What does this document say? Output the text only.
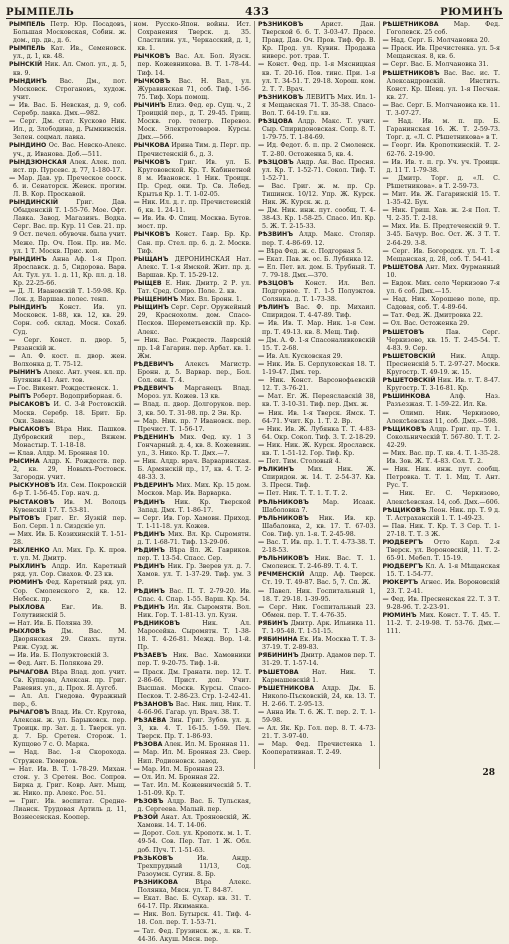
РЫМПЕЛЬ	433	РЮМИНЪ

РЫМПЕЛЬ Петр. Юр. Посадовъ, Большая Московская, Собин. ж. дом., пр. дв., д. 6.

РЫМПЕЛЬ Кат. Ив., Семеновск. ул., д. 1, кв. 48.

РЫНСКІЙ Ник. Ал. Смол. ул., д. 5, кв. 9.

РЫНДИНЪ Вас. Дм., пот. Московск. Строгановъ, худож. учит.

— Ив. Вас. Б. Невская, д. 9, соб. Серебр. лавка. Дмх.—982.

— Серг. Дм. стат. Кусково Ник. Ил., д. Злободина, д. Рымкинскія. Зелен. соцмал. лавка.

РЫНДИНО Ос. Вас. Невско-Алекс. уч., д. Иванова. Доб.—511.

РЫНДЗЮНСКАЯ Алек. Алек. пол. ист. пр. Пурсевс. д. 77, 1-180-17.

— Мар. Дав. ур. Преческое сооск. б. и. Сенаторск. Женск. прогим. Л. В. Кор. Проскавой.

РЫНДИНСКІЙ	Григ. Дав. Обыденскій Т. 1-55-76. Мое. Офт. Лавка. Завод. Магазинъ. Водка. Серг. Вас. пр. Кур. 11 Сев. 21. пр. 9 Ост. печел. обувочн. была учит. Меже. Пр. Оч. Пон. Пр. ив. Мс. ул. 1 Т. Москв. Прис. коп.

РЫНДИНЪ Анна Аф. 1-я Прол. Ярославск. д. 5, Сидорова. Варв. Ал. Тул. ул. 1. д. 11, Кр. пл. д. 18. Кр. 22-25-66.

— Д. Л. Ивановскій Т. 1-59-98. Кр. Лок. д. Варшав. полес. тенп.

РЫНДИНЪ Конст. Ив. ул. Московск. 1-88, кв. 12, кв. 29. Сорн. соб. склад. Мосн. Сохаб. Суд.

— Серг. Конст. п. двор. 5, Рязанскій ж.

— Ал. Ф. кост. п. двор. жен. Волхонка д. Т. 75-12.

РЫНИНЪ Алекс. Ант. учен. кл. пр. Бутякин 41. Ант. тов.

— Гос. Викент. Рождественск. 1.

РЫПЪ Роберт. Водоприборная. 6.

РЫСАКОВЪ И. С. 3-й Ростовскій. Москв. Серебр. 18. Брит. Бр. Оки. Завеан.

РЫСАКОВЪ Вѣра Ник. Пашков. Дубровский пер., Вяжем. Монастыр. Т. 1-18-18.

— Клав. Алдр. М. Бронная 10.

РЫСИНА Алдр. К. Рождеств. пер. 2, кв. 29, Новыхъ-Ростовск. Загородн. учит.

РЫСКУНОВЪ Ил. Сем. Покровскій б-р Т. 1-56-45. Гор. нач. д.

РЫСТАКОВЪ Ив. М. Волоцъ Кувенскій 17. Т. 53-81.

РЫТОВЪ Григ. Ег. Яузкій пер. Бол. Серп. 1 л. Сиздскіе ул.

— Мих. Ив. Б. Козихинскій Т. 1-51-28.

РЫХЛЕНКО Ал. Мих. Гр. К. пров. т. ул. М. Дмитр.

РЫХЛИНЪ Алдр. Ил. Каретный ряд. ул. Сор. Сиахов. Ф. 23 кв.

РЮМИНЪ Фед. Каретный ряд. ул. Сор. Смоленского 2, кв. 12. Небеск. пр.

РЫХЛОВА	Евг. Ив. В. Голутвинскій 5.

— Нат. Ив. Б. Поляна 39.

РЫХЛОВЪ Дм. Вас. М. Дворянская 29. Сиахъ. путн. Ряж. Сузд. ж.

— Ив. Ив. Б. Полуэктовскій 3.

— Фед. Ант. Б. Полякова 29.

РЫЧАГОВА Вѣра Влад. доп. учит. Св. Купцова, Алексан. пр. Григ. Раневия. ул., д. Прох. Я. Аугсб.

— Ал. Ал. Гнедова. Фуражный пер., 6.

РЫЧАГОВЪ Влад. Ив. Ст. Кругова, Алексан. ж. ул. Барыковск. пер. Троицк. пр. Зат. д. 1. Тверск. ул. д. 7. Бр. Сретен. Сторож. 1. Купцово 7 с. О. Марка.

— Над. Вас. 1-я Скорохода. Стружев. Тюмеров.

— Нат. Ив. В. Т. 1-78-29. Михан. стон. у. 3 Сретен. Вос. Сопров. Бирка д. Григ. Ковр. Ант. Мыщ. ж. Нико. пр. Алекс. Рос. 51.

— Григ. Ив. воспитат. Средне-Лианск. Трудовая Артиль д. 11, Вознесенская. Коопер.

ном. Русско-Япон. войны. Ист. Сохранения Тверск. д. 35. Сластилин. ул., Черкасский, д. 1, кв. 1.

РЫЧКОВЪ Вас. Ал. Бол. Яузск. пер. Кожевникова. В. Т. 1-78-44. Тиф. 14.

РЫЧКОВЪ Вас. Н. Вал., ул. Журавинская 71, соб. Тиф. 1-56-75. Тиф. Хорь помощ.

РЫЧИНЪ Елиз. Фед. ер. Сущ. ч., 2 Троицкій пер., д. Т. 29-45. Грищ. Москв. гор. телегр. Перевоз. Моск. Электротоваров. Курсы. Дмх.—566.

РЫЧКОВА Ирина Тим. д. Перг. пр. Пречистенскій б., д. 3.

РЫЧКОВЪ Григ. Ив. ул. Б. Кругововской. Кр. Т. Кабинетной 8 м. Ивановск. 1 Ник. Троицк. Пр. Сред. оки. Тр. Св. Лебед. Крытья Кр. 1. Т. 1-02-05.

— Ник. Ил. д. г. пр. Пречистенскій 6, кв. 1. 24-11.

— Ив. Ив. Ф. Спиц. Москва. Бутов. мост. пр.

РЫЧКОВЪ Конст. Гавр. Бр. Кр. Сан. пр. Стел. пр. 6. д. 2. Москв. Тиф.

РЫЩАНЪ ДЕРОНИНСКАЯ Нат. Алекс. Т. 1-я Ямской. Жит. пр. д. Варшав. Кр. Т. 15-29-12.

РЫЩЕВ Е. Ник. Дмитр. 2 Р. ул. Тат. Сред. Сопро. Поле. 2. кв.

РЫЩЕНИНЪ Мих. Вл. Бронн. 1.

РЫЩИНЪ Серг. Серг. Оружейный 29, Краснохолм. дом. Спасо-Песков. Шереметьевскій пр. Кр. Алекс.

— Ник. Вас. Рождеств. Лаврскій пр. 1-й Гагарин. пер. Арбат. кв. 1. Жм.

РѢДЕВИЧЪ Алексъ Магистр. Бронн. д. 5. Варвар. пер., Бол. Сол. оки. Т. 4.

РѢДЕВИЧЪ Марганецъ Влад. Мороз. ул. Кожев. 13 кв.

— Влад. п. двор. Долгоруков. пер. 3, кв. 50. Т. 31-98. пр. 2 Эн. Кр.

— Мар. Ник. пр. 7 Ивановск. пер. Пречист. Т. 1-56-17.

РѢДЕНИНЪ Мих. Фед. ку. 1 3 Гончарный. д. 4, кв. 8. Кожевник. ул., 3. Нико. Кр. Т. Дмх.—7.

— Ник. Алдр. врач. Варваринская. Б. Армянскій пр., 17, кв. 4. Т. 2-48-33. 3.

РѢДЕРИНЪ Мих. Мих. Кр. 15 дом. Москов. Мар. Ив. Варварка.

РѢДИНЪ Ник. Кр. Тверской Запад. Дмх. Т. 1-86-17.

— Серг. Ив. Гор. Хамовн. Приход. Т. 1-11-18. ул. Кожев.

РѢДИНЪ Мих. Вл. Кр. Сыромятн. д. Т. 1-68-71. Тиф. 13-29-06.

РѢДИНЪ Вѣра Вл. Ж. Гавриков. пер. Т. 13-54. Спасс. Сер.

РѢДИНЪ Ник. Гр. Зверев ул. д. 7. Хамов. ул. Т. 1-37-29. Тиф. ум. 3 Р.

РѢДИНЪ Вас. П. Т. 2-79-20. Ив. Спас. 4. Спар. 1-55. Варш. Кр. 54.

РѢДИНЪ Ил. Як. Сыромятн. Вол. Ник. Гор. Т. 1-81-13. ул. Кузн.

РѢДНИКОВЪ	Ник. Ал. Маросейка. Сыромятн. Т. 1-38-18. Т. 4-26-81. Межд. Вор. 1-й. Пр.

РѢЗАЕВЪ Ник. Вас. Хамовники пер. Т. 9-20-75. Тиф. 1-й.

— Праск. Дм. Гранатн. пер. 12. Т. 2-86-66. Прист. доп. Учит. Высшая. Москв. Курсы. Спасо-Песков. Т. 2-86-23. Стр. 1-2-42-41.

РѢЗАНОВЪ Вас. Ник. лиц. Ник. Т. 4-66-96. Гагар. ул. Врач. 38. Т.

РѢЗАЕВА Зин. Григ. Зубов. ул. д. 3, кв. 4. Т. 16-15. 1-59. Печ. Тверск. Пр. Т. 1-86-93.

РѢЗОВА Алек. Ил. М. Бронная 11.

— Мар. Ил. М. Бронная 23. Свер. Нип. Родионовск. завод.

— Мар. Ил. М. Бронная 23.

— Ол. Ил. М. Бронная 22.

— Тат. Ил. М. Кожевническій 5. Т. 1-51-09. Кр. Т.

РѢЗОВЪ Алдр. Вас. Б. Тульская, д. Сергеева. Малый. пер.

РѢЗОЙ Анат. Ал. Трояновскій, Ж. Хамовн. 14. Т. 14-06.

— Дорот. Сол. ул. Кропотк. м. 1. Т. 49-54. Сов. Пер. Тат. 1 Ж. Обл. доб. Пуч. Т. 1-51-63.

РѢЗЬКОВЪ	Ив. Андр. Трехпрудный 11/13, Сод. Разоумск. Сугин. 8. Бр.

РѢЗНИКОВА	Вѣра Алекс. Полянка, Мясн. ул. Т. 84-87.

— Екат. Вас. Б. Сухар. кв. 31. Т. 64-17. Пр. Якиманка.

— Ник. Вол. Бутырск. 41. Тиф. 4-18. Сол. пер. Т. 1-53-71.

— Тат. Фед. Грузинск. ж., л. кв. Т. 44-36. Акуш. Мясн. пер.

РѢЗНИКОВЪ	Арист. Дан. Тверской 6. 6. Т. 3-03-47. Прасе. Правд. Дав. Оч. Пров. Тиф. Фр. В. Кр. Прод. ул. Кувин. Продажа ниверс. рот. трав. Т.

— Конст. Фед. пр. 1-я Мясницкая кв. Т. 20-16. Пов. тинс. При. 1-я ул. Т. 34-51. Т. 29-18. Хорош. ком. 2. Т. 7. Врач.

РѢЗНИКОВЪ ЛЕВИТЪ Мих. Ил. 1-я Мещанская 71. Т. 35-38. Спасо-Вол. Т. 64-19. Гл. кв.

РѢЗЦОВА Алдр. Макс. Т. учит. Сыр. Спиридоновская. Сопр. 8. Т. 1-79-75. Т. 1-84-69.

— Ид. Федот. б. п. пр. 2 Смоленск. Т. 2-80. Остоженка 5, кв. 4.

РѢЗЦОВЪ Андр. Ан. Вас. Пресня. ул. Кр. Т. 1-52-71. Сокол. Тиф. Т. 1-52-71.

— Вас. Григ. ж. м. пр. Ср. Тишинск. 10/12. Упр. Ж. Курск. Ник. Ж. Курск. ж. д.

— Дм. Ник. инж. пут. сообщ. Т. 4-38-43. Кр. 1-58-25. Спасо. Ил. Кр. 5. Ж. Т. 2-15-33.

РѢЗВИНЪ Алдр. Макс. Столяр. пер. Т. 4-86-69. 12.

— Вѣра Фед. ж. с. Подгорная 5.

— Екат. Пав. ж. ос. Б. Лубянка 12.

— Ел. Пет. вл. дом. Б. Трубный. Т. 7. 79-18. Дмх.—370.

РѢЗЦОВЪ Конст. Ил. Вел. Подгорное. Т. Г. 1-5 Полуэктов. Солянка. д. Т. 1-73-38.

РѢЛИНЪ Вас. Ф. пр. Михаил. Спиридон. Т. 4-47-89. Тиф.

— Ив. Ив. Т. Мар. Ник. 1-я Сем. пр. Т. 49-13. кв. 8. Мещ. Тиф.

— Дм. А. Ф. 1-я Спасоналивковскій 15. Т. 2-68.

— Ив. Ал. Кусковская 29.

— Ник. Ив. Б. Серпуховская 18. Т. 1-19-47. Дмх. тер.

— Ник. Конст. Варсонофьевскій 12. Т. 3-76-21.

— Мат. Ег. Ж. Переяславскій 38, кв. Т. 3-10-31. Тиф. пер. Дмх. ж.

— Ник. Ив. 1-я Тверск. Ямск. Т. 64-71. Учит. Кр. 1. Т. 2. Вр.

— Ник. Ив. Ж. Лубянка Т. Т. 4-83-64. Окр. Сокол. Тиф. 3. Т. 2-18-29.

— Ник. Ник. Ж. Курск. Ярославск. кв. Т. 1-51-12. Гор. Тиф. Кр.

— Пет. Тим. Столовый 4.

РѢЛКИНЪ Мих. Ник. Ж. Спиридон. ж. 14. Т. 2-54-37. Кв. 3. Пресн. Тиф.

— Пет. Ник. Т. Т. 1. Т. Т. 2.

РѢЛЬНИКОВЪ Мар. Исаак. Шаболовка 7.

РѢЛЬНИКОВЪ Ник. Ив. кр. Шабаловка, 2, кв. 17. Т. 67-03. Сов. Тиф. ул. 1-я. Т. 2-45-98.

— Вас. Т. Ив. пр. 1. Т. Т. 4-73-38. Т. 2-18-53.

РѢЛЬНИКОВЪ Ник. Вас. Т. 1. Смоленск. Т. 2-46-89. Т. 4. Т.

РЕЧМЕНСКІЙ Алдр. Аф. Тверск. Ст. 19. Т. 49-87. Вас. 5, 7. Сп. Ж.

— Павел. Ник. Госпитальный 1, 18. Т. 29-18. 1-39-95.

— Серг. Ник. Госпитальный 23. Обмен. пер. Т. Т. 4-76-35.

РЯБИНЪ Дмитр. Арк. Ильинка 11. Т. 1-95-48. Т. 1-51-15.

РЯБИНИНА Ек. Ив. Москва Т. Т. 3-37-19. Т. 2-89-83.

РЯБИНИНЪ Дмитр. Адамов пер. Т. 31-29. Т. 1-57-14.

РѢШЕТОВА Нат. Ник. Т. Кармашевскій 1.

РѢШЕТНИКОВА Алдр. Дм. Б. Николо-Пъсковскій, 24, кв. 13. Т. Н. 2-66. Т. 2-95-13.

— Анна Ив. Т. 6. Ж. Т. пер. 2. Т. 1-59-98.

— Ал. Як. Кр. Гол. пер. 8. Т. 4-73-21. Т. 3-97-40.

— Мар. Фед. Пречистенка 1. Кооперативная. Т. 2-49.

РѢШЕТНИКОВА Мар. Фед. Гоголевск. 25 соб.

— Над. Серг. Б. Молчановка 20.

— Праск. Ив. Пречистенка. ул. 5-я Мещанская. 8, кв. 6.

— Серг. Вас. Б. Молчановка 31.

РѢШЕТНИКОВЪ Вас. Вас. ис. Т. Александровскій. Инститъ. Конст. Кр. Шевц. ул. 1-я Песчан. кв. 27.

— Вас. Серг. Б. Молчановка кв. 11. Т. 3-07-27.

— Над. Ив. м. п. пр. Б. Гаранинская 16. Ж. Т. 2-59-73. Торг. д. «Л. С. Рѣшетникова» в Т.

— Георг. Ив. Кропоткинскій. Т. 2-62-76. 2-19-90.

— Ив. Ив. т. п. гр. Уч. уч. Троицк. д. 11 Т. 1-79-38.

— Дмитр. Торг. д. «Л. С. Рѣшетникова». в Т. 2-59-73.

— Мит. Ив. Ж. Гагаринскій 15. Т. 1-35-42. Бух.

— Ник. Гриш. Хав. ж. 2-я Пол. Т. Ч. 2-35. Т. 2-18.

— Мих. Ив. Б. Предтеченскій 9. Т. 3-45. Бачур. Вос. Ост. Ж. 3 Т. Т. 2-64-29. 3-8.

— Серг. Ив. Богородск. ул. Т. 1-я Мещанская, д. 28, соб. Т. 54-41.

РѢШЕТОВА Ант. Мих. Фурманный 10.

— Евдок. Мих. село Черкизово 7-я ул. 6 соб. Дмх.—15.

— Над. Ник. Хорошево поле, пр. Садовая, соб. Т. 4-89-64.

— Тат. Фед. Ж. Дмитровка 22.

— Ол. Вас. Остоженка 29.

РѢШЕТОВЪ	Пав. Серг. Черкизово, кв. 15. Т. 2-45-54. Т. 4-83. 9. Сер.

РѢШЕТОВСКІЙ Ник. Алдр. Пресненскій 5. Т. 2-97-27. Москв. Кругостр. Т. 49-19. ж. 15.

РѢШЕТОВСКІЙ Ник. Ив. т. Т. 8-47. Кругостр. Т. 3-16-81. Кр.

РѢШИНКОВА	Алф. Наз. Разъезжая. Т. 1-59-22. Ил. Кв.

— Олимп. Ник. Черкизово, Алексѣевская 11, соб. Дмх.—598.

РѢЩИКОВЪ Алдр. Григ. пр. Т. 1. Сокольническій Т. 567-80. Т. Т. 2-42-29.

— Мих. Вас. пр. Т. кв. 4. Т. 1-35-28. Ив. Зов. Ж. Т. 4-83. Сол. Т. 2.

— Ник. Ник. инж. пут. сообщ. Петровка. Т. Т. 1. Мщ. Т. Ант. Рус. Т.

— Ник. Ег. С. Черкизово, Алексѣевская. 14, соб. Дмх.—606.

РѢЩИКОВЪ Леон. Ник. пр. Т. 9 д. Т. Астраханскій 1. Т. 1-49-23.

— Пав. Ник. Т. Кр. Т. 3 Сер. Т. 1-27-18. Т. Т. 3 Ж.

РЮДБЕРГЪ Отто Карл. 2-я Тверск. ул. Вороновскій, 11. Т. 2-65-91. Мебел. Т. 15-19.

РЮДБЕРГЪ Кл. А. 1-я Мѣщанская 15. Т. 1-54-77.

РЮКЕРТЪ Агнес. Ив. Вороновскій 23. Т. 2-41.

— Фед. Ив. Пресненская 22. Т. 3 Т. 9-28-96. Т. 2-23-91.

РЮМИНЪ Мих. Конст. Т. Т. 45. Т. 11-2. Т. 2-19-98. Т. 53-76. Дмх.—111.

28
